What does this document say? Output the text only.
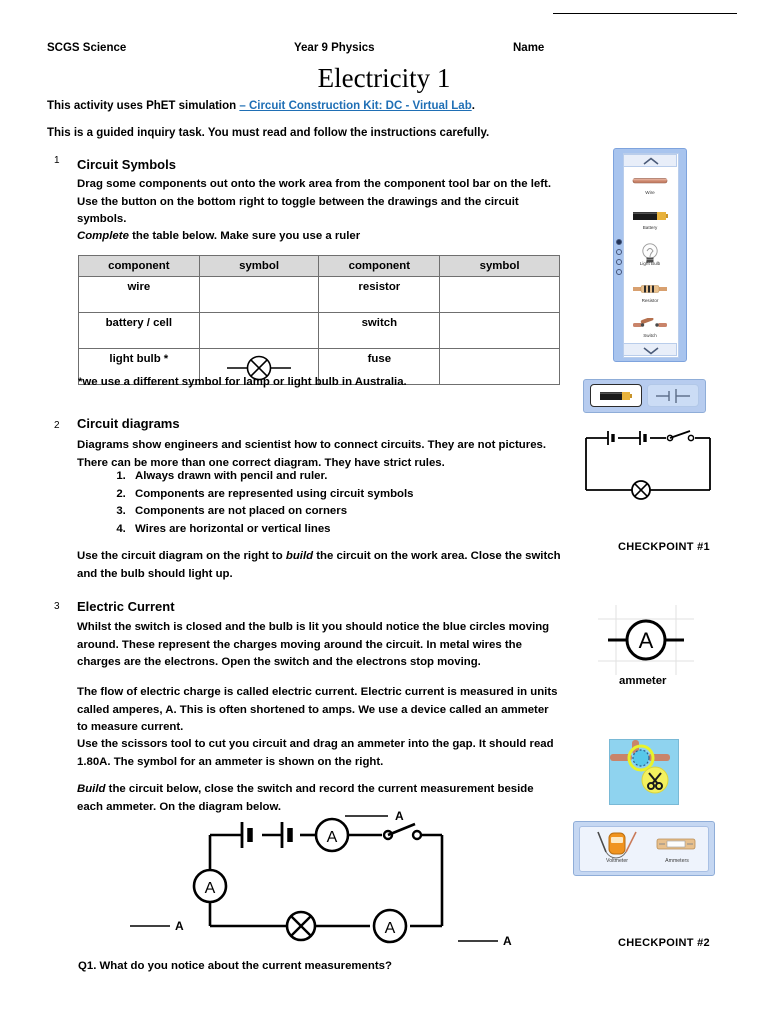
SCGS Science	Year 9 Physics	Name
Electricity 1
This activity uses PhET simulation – Circuit Construction Kit: DC - Virtual Lab.
This is a guided inquiry task. You must read and follow the instructions carefully.
1 Circuit Symbols
Drag some components out onto the work area from the component tool bar on the left. Use the button on the bottom right to toggle between the drawings and the circuit symbols.
Complete the table below. Make sure you use a ruler
component	symbol	component	symbol
wire		resistor	
battery / cell		switch	
light bulb *		fuse	
*we use a different symbol for lamp or light bulb in Australia.
2 Circuit diagrams
Diagrams show engineers and scientist how to connect circuits. They are not pictures. There can be more than one correct diagram. They have strict rules.
1. Always drawn with pencil and ruler.
2. Components are represented using circuit symbols
3. Components are not placed on corners
4. Wires are horizontal or vertical lines
Use the circuit diagram on the right to build the circuit on the work area. Close the switch and the bulb should light up.
3 Electric Current
Whilst the switch is closed and the bulb is lit you should notice the blue circles moving around. These represent the charges moving around the circuit. In metal wires the charges are the electrons. Open the switch and the electrons stop moving.
The flow of electric charge is called electric current. Electric current is measured in units called amperes, A. This is often shortened to amps. We use a device called an ammeter to measure current.
Use the scissors tool to cut you circuit and drag an ammeter into the gap. It should read 1.80A. The symbol for an ammeter is shown on the right.
Build the circuit below, close the switch and record the current measurement beside each ammeter. On the diagram below.
A
A
A
A
A
A
Q1. What do you notice about the current measurements?
Wire
Battery
Light Bulb
Resistor
Switch
CHECKPOINT #1
A
ammeter
Voltmeter	Ammeters
CHECKPOINT #2
